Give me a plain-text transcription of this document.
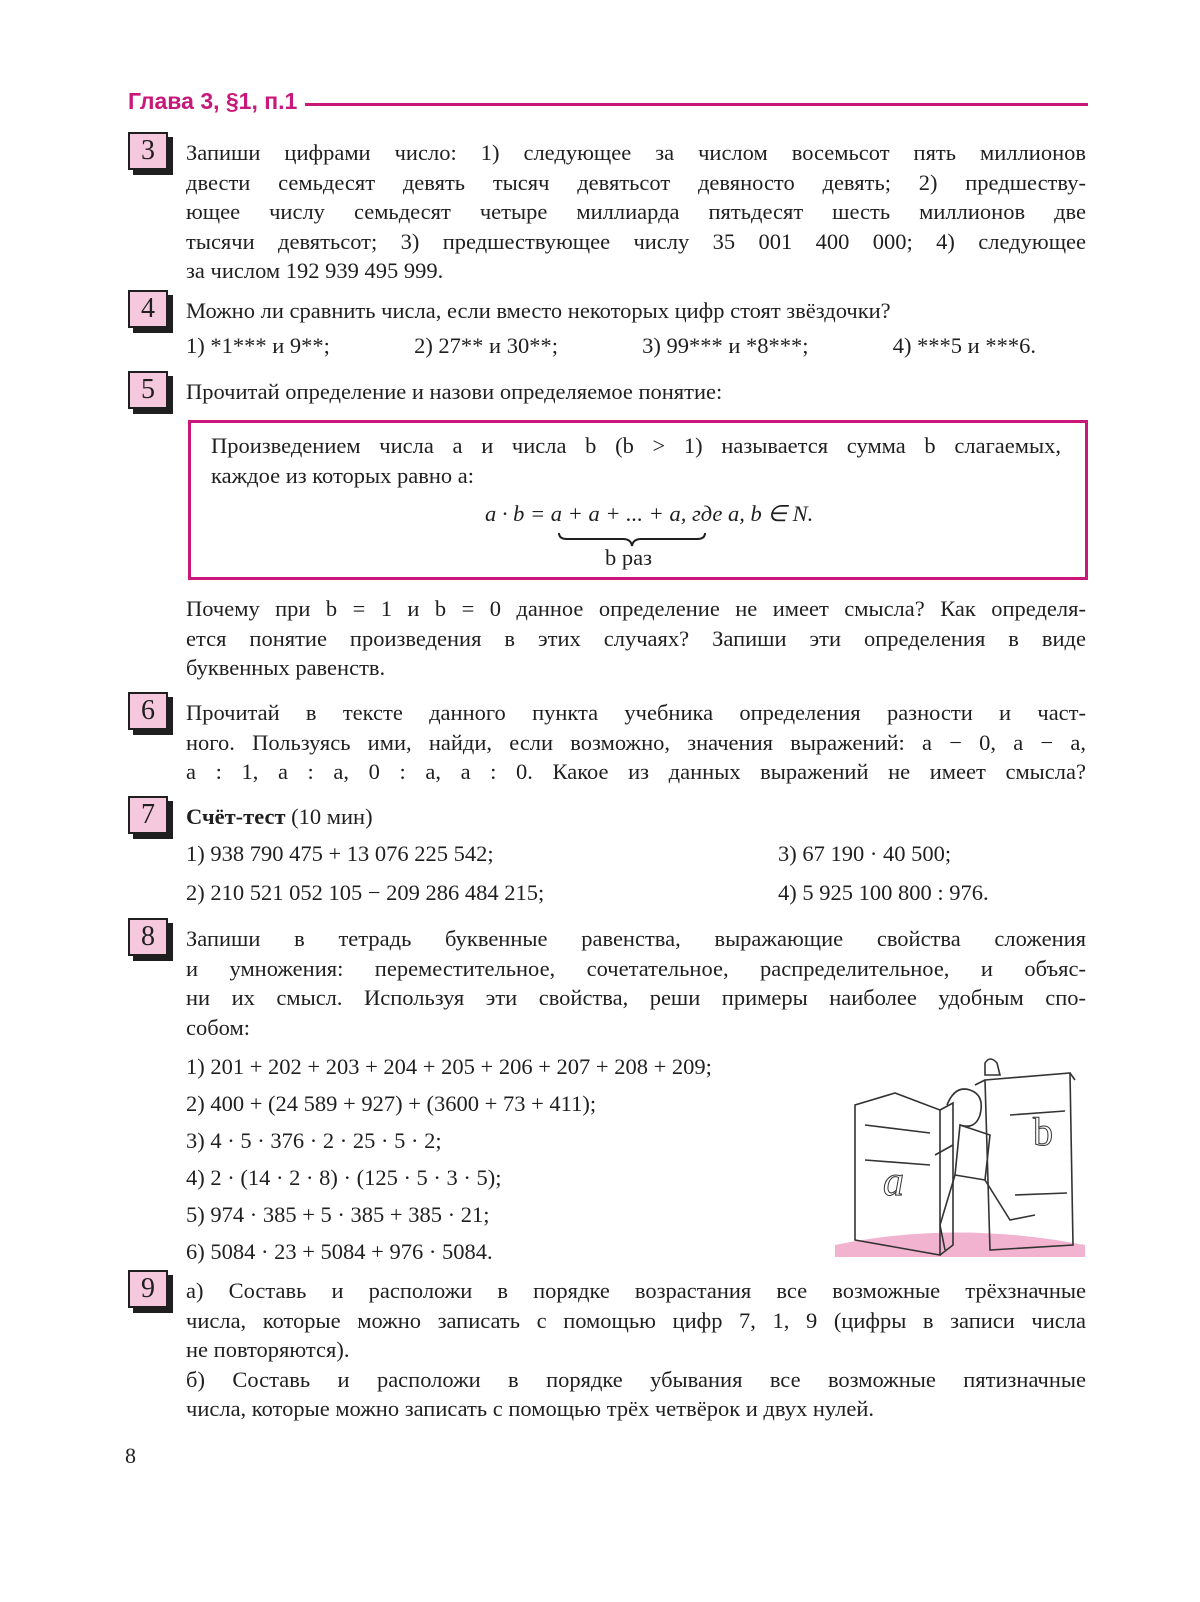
Глава 3, §1, п.1
3	Запиши цифрами число: 1) следующее за числом восемьсот пять миллионов
двести семьдесят девять тысяч девятьсот девяносто девять; 2) предшеству-
ющее числу семьдесят четыре миллиарда пятьдесят шесть миллионов две
тысячи девятьсот; 3) предшествующее числу 35 001 400 000; 4) следующее
за числом 192 939 495 999.
4	Можно ли сравнить числа, если вместо некоторых цифр стоят звёздочки?
1) *1*** и 9**;	2) 27** и 30**;	3) 99*** и *8***;	4) ***5 и ***6.
5	Прочитай определение и назови определяемое понятие:
Произведением числа a и числа b (b > 1) называется сумма b слагаемых,
каждое из которых равно a:
a · b = a + a + ... + a, где a, b ∈ N.
b раз
Почему при b = 1 и b = 0 данное определение не имеет смысла? Как определя-
ется понятие произведения в этих случаях? Запиши эти определения в виде
буквенных равенств.
6	Прочитай в тексте данного пункта учебника определения разности и част-
ного. Пользуясь ими, найди, если возможно, значения выражений: a − 0, a − a,
a : 1, a : a, 0 : a, a : 0. Какое из данных выражений не имеет смысла?
7	Счёт-тест (10 мин)
1) 938 790 475 + 13 076 225 542;	3) 67 190 · 40 500;
2) 210 521 052 105 − 209 286 484 215;	4) 5 925 100 800 : 976.
8	Запиши в тетрадь буквенные равенства, выражающие свойства сложения
и умножения: переместительное, сочетательное, распределительное, и объяс-
ни их смысл. Используя эти свойства, реши примеры наиболее удобным спо-
собом:
1) 201 + 202 + 203 + 204 + 205 + 206 + 207 + 208 + 209;
2) 400 + (24 589 + 927) + (3600 + 73 + 411);
3) 4 · 5 · 376 · 2 · 25 · 5 · 2;
4) 2 · (14 · 2 · 8) · (125 · 5 · 3 · 5);
5) 974 · 385 + 5 · 385 + 385 · 21;
6) 5084 · 23 + 5084 + 976 · 5084.
a
b
9	а) Составь и расположи в порядке возрастания все возможные трёхзначные
числа, которые можно записать с помощью цифр 7, 1, 9 (цифры в записи числа
не повторяются).
б) Составь и расположи в порядке убывания все возможные пятизначные
числа, которые можно записать с помощью трёх четвёрок и двух нулей.
8
